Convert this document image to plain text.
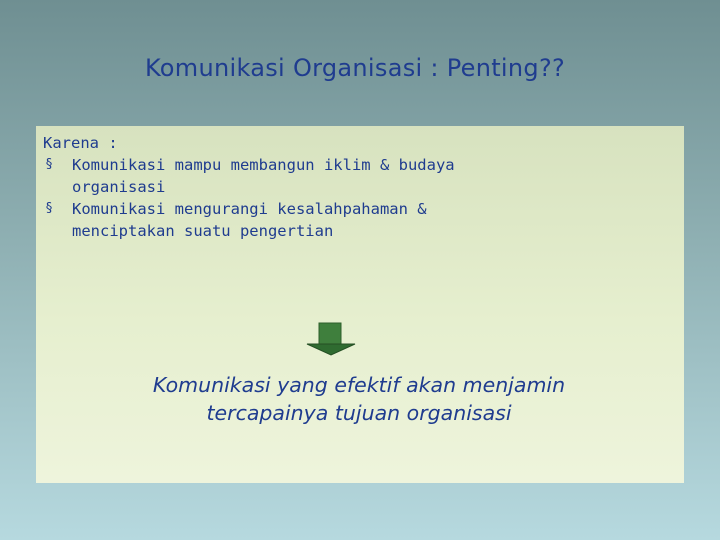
Komunikasi Organisasi : Penting??

Karena :

§ Komunikasi mampu membangun iklim & budaya
organisasi
§ Komunikasi mengurangi kesalahpahaman &
menciptakan suatu pengertian
Komunikasi yang efektif akan menjamin
tercapainya tujuan organisasi
